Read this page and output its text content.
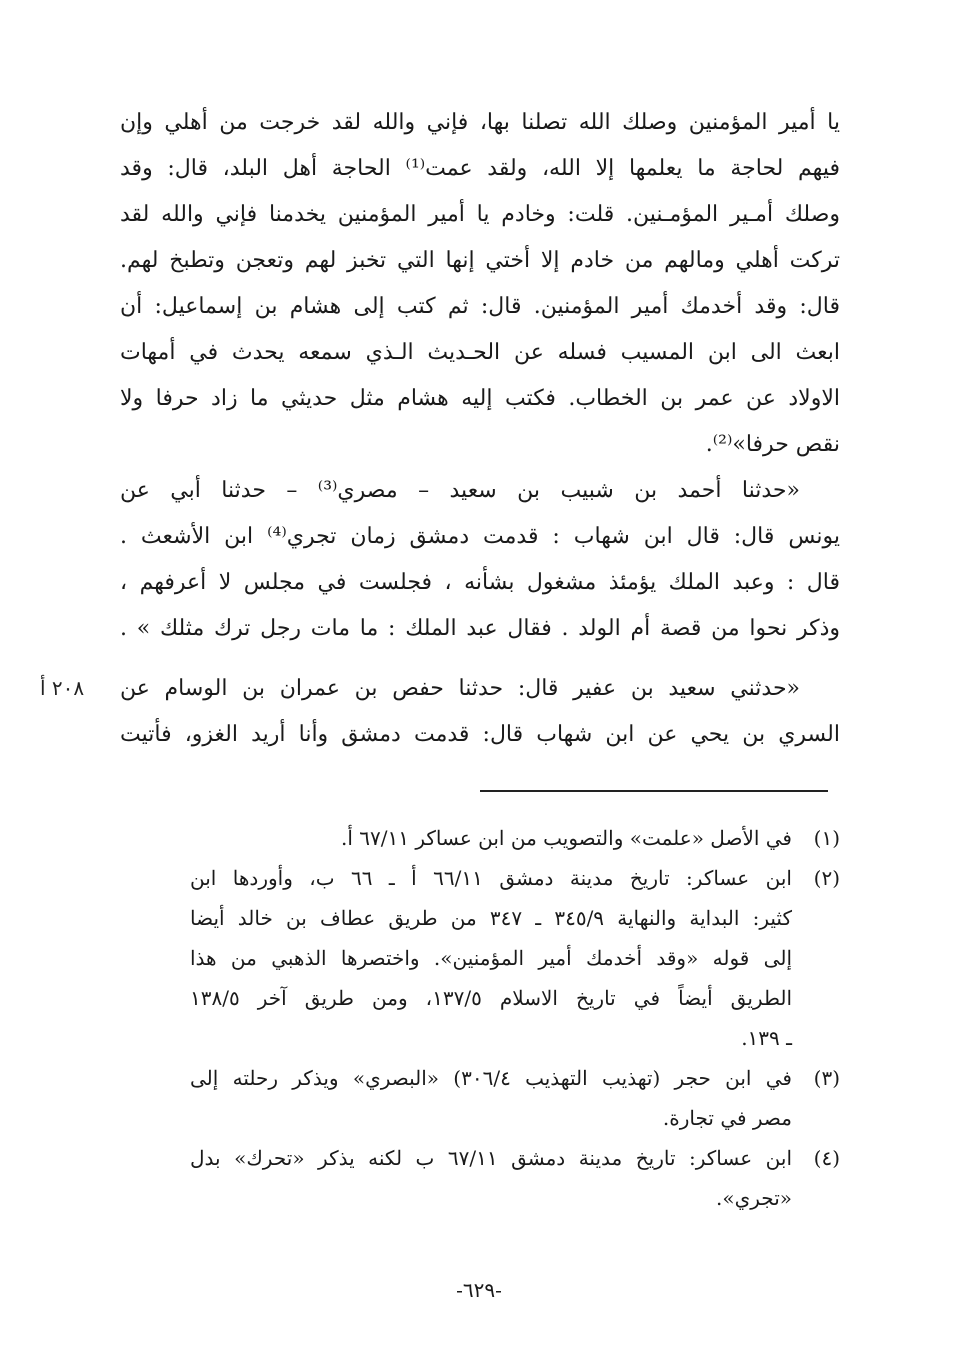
يا أمير المؤمنين وصلك الله تصلنا بها، فإني والله لقد خرجت من أهلي وإن
فيهم لحاجة ما يعلمها إلا الله، ولقد عمت⁽¹⁾ الحاجة أهل البلد، قال: وقد
وصلك أمـير المؤمـنين. قلت: وخادم يا أمير المؤمنين يخدمنا فإني والله لقد
تركت أهلي ومالهم من خادم إلا أختي إنها التي تخبز لهم وتعجن وتطبخ لهم.
قال: وقد أخدمك أمير المؤمنين. قال: ثم كتب إلى هشام بن إسماعيل: أن
ابعث الى ابن المسيب فسله عن الحـديث الـذي سمعه يحدث في أمهات
الاولاد عن عمر بن الخطاب. فكتب إليه هشام مثل حديثي ما زاد حرفا ولا
نقص حرفا»⁽²⁾.
«حدثنا أحمد بن شبيب بن سعيد – مصري⁽³⁾ – حدثنا أبي عن
يونس قال: قال ابن شهاب : قدمت دمشق زمان تجري⁽⁴⁾ ابن الأشعث .
قال : وعبد الملك يؤمئذ مشغول بشأنه ، فجلست في مجلس لا أعرفهم ،
وذكر نحوا من قصة أم الولد . فقال عبد الملك : ما مات رجل ترك مثلك » .
«حدثني سعيد بن عفير قال: حدثنا حفص بن عمران بن الوسام عن
السري بن يحي عن ابن شهاب قال: قدمت دمشق وأنا أريد الغزو، فأتيت
٢٠٨ أ
(١)
في الأصل «علمت» والتصويب من ابن عساكر ٦٧/١١ أ.
(٢)
ابن عساكر: تاريخ مدينة دمشق ٦٦/١١ أ ـ ٦٦ ب، وأوردها ابن
كثير: البداية والنهاية ٣٤٥/٩ ـ ٣٤٧ من طريق عطاف بن خالد أيضا
إلى قوله «وقد أخدمك أمير المؤمنين». واختصرها الذهبي من هذا
الطريق أيضاً في تاريخ الاسلام ١٣٧/٥، ومن طريق آخر ١٣٨/٥
ـ ١٣٩.
(٣)
في ابن حجر (تهذيب التهذيب ٣٠٦/٤) «البصري» ويذكر رحلته إلى
مصر في تجارة.
(٤)
ابن عساكر: تاريخ مدينة دمشق ٦٧/١١ ب لكنه يذكر «تحرك» بدل
«تجري».
-٦٢٩-
